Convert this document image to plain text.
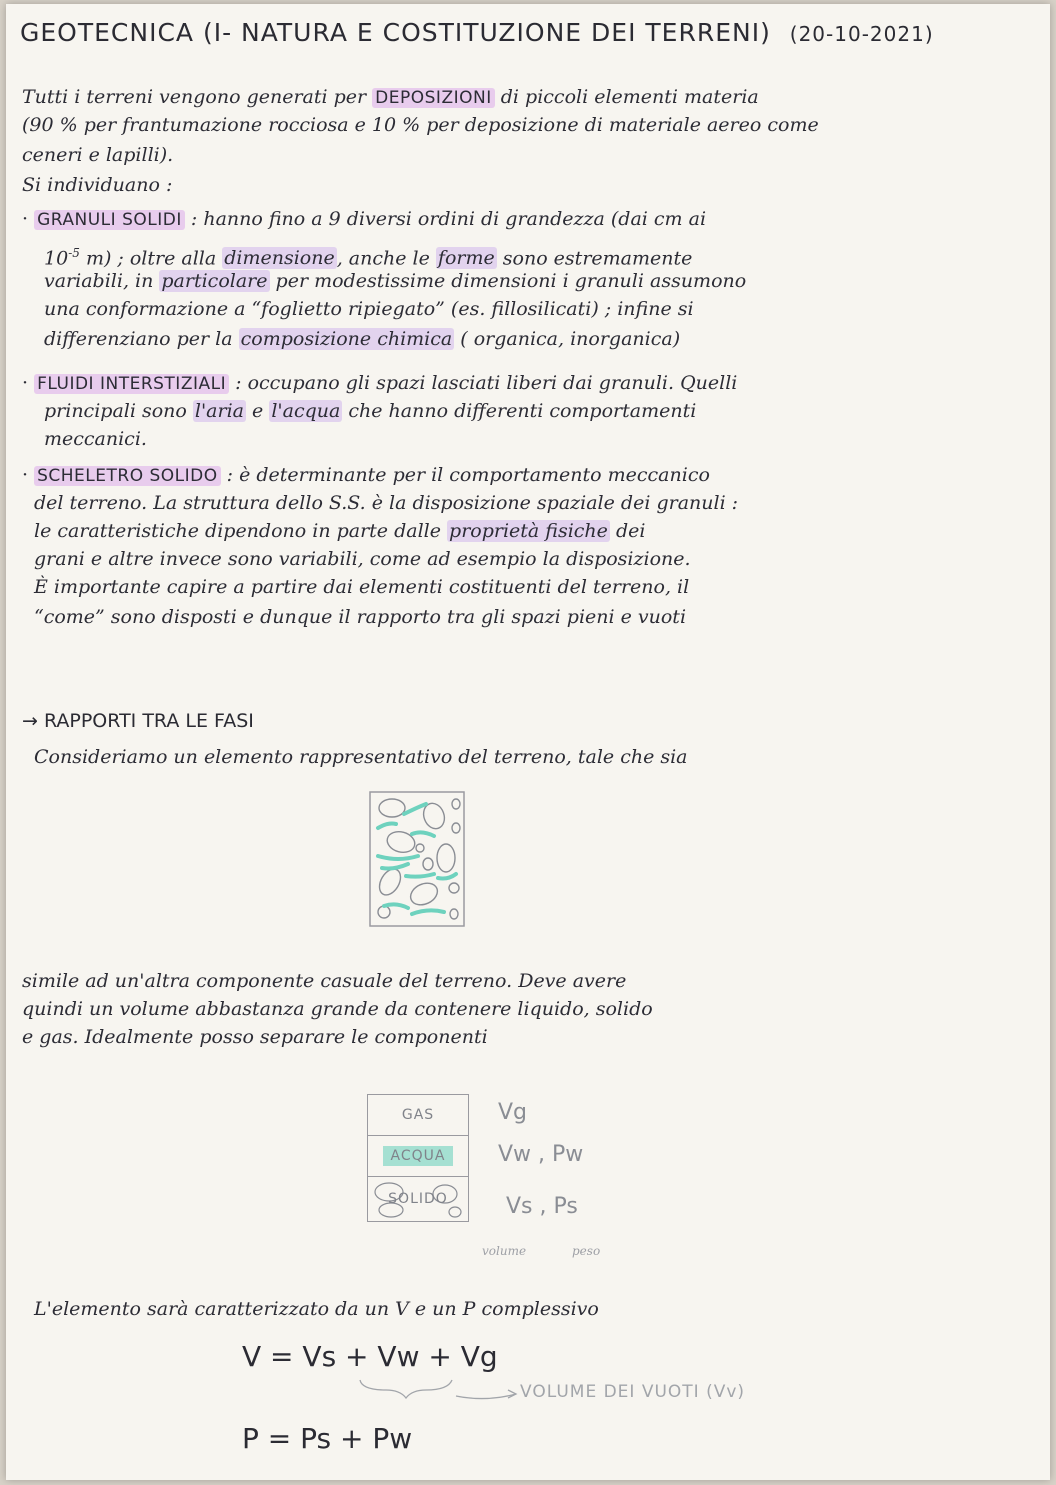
GEOTECNICA (I- NATURA E COSTITUZIONE DEI TERRENI) (20-10-2021)
Tutti i terreni vengono generati per DEPOSIZIONI di piccoli elementi materia
(90 % per frantumazione rocciosa e 10 % per deposizione di materiale aereo come
ceneri e lapilli).
Si individuano :
· GRANULI SOLIDI : hanno fino a 9 diversi ordini di grandezza (dai cm ai
$10^{-5}$ m) ; oltre alla dimensione , anche le forme sono estremamente
variabili, in particolare per modestissime dimensioni i granuli assumono
una conformazione a “foglietto ripiegato” (es. fillosilicati) ; infine si
differenziano per la composizione chimica ( organica, inorganica)
· FLUIDI INTERSTIZIALI : occupano gli spazi lasciati liberi dai granuli. Quelli
principali sono l'aria e l'acqua che hanno differenti comportamenti
meccanici.
· SCHELETRO SOLIDO : è determinante per il comportamento meccanico
del terreno. La struttura dello S.S. è la disposizione spaziale dei granuli :
le caratteristiche dipendono in parte dalle proprietà fisiche dei
grani e altre invece sono variabili, come ad esempio la disposizione.
È importante capire a partire dai elementi costituenti del terreno, il
“come” sono disposti e dunque il rapporto tra gli spazi pieni e vuoti
→ RAPPORTI TRA LE FASI
Consideriamo un elemento rappresentativo del terreno, tale che sia
simile ad un'altra componente casuale del terreno. Deve avere
quindi un volume abbastanza grande da contenere liquido, solido
e gas. Idealmente posso separare le componenti
GAS
ACQUA
SOLIDO
Vg
Vw , Pw
Vs , Ps
volume	peso
L'elemento sarà caratterizzato da un V e un P complessivo
V = Vs + Vw + Vg
VOLUME DEI VUOTI (Vv)
P = Ps + Pw
